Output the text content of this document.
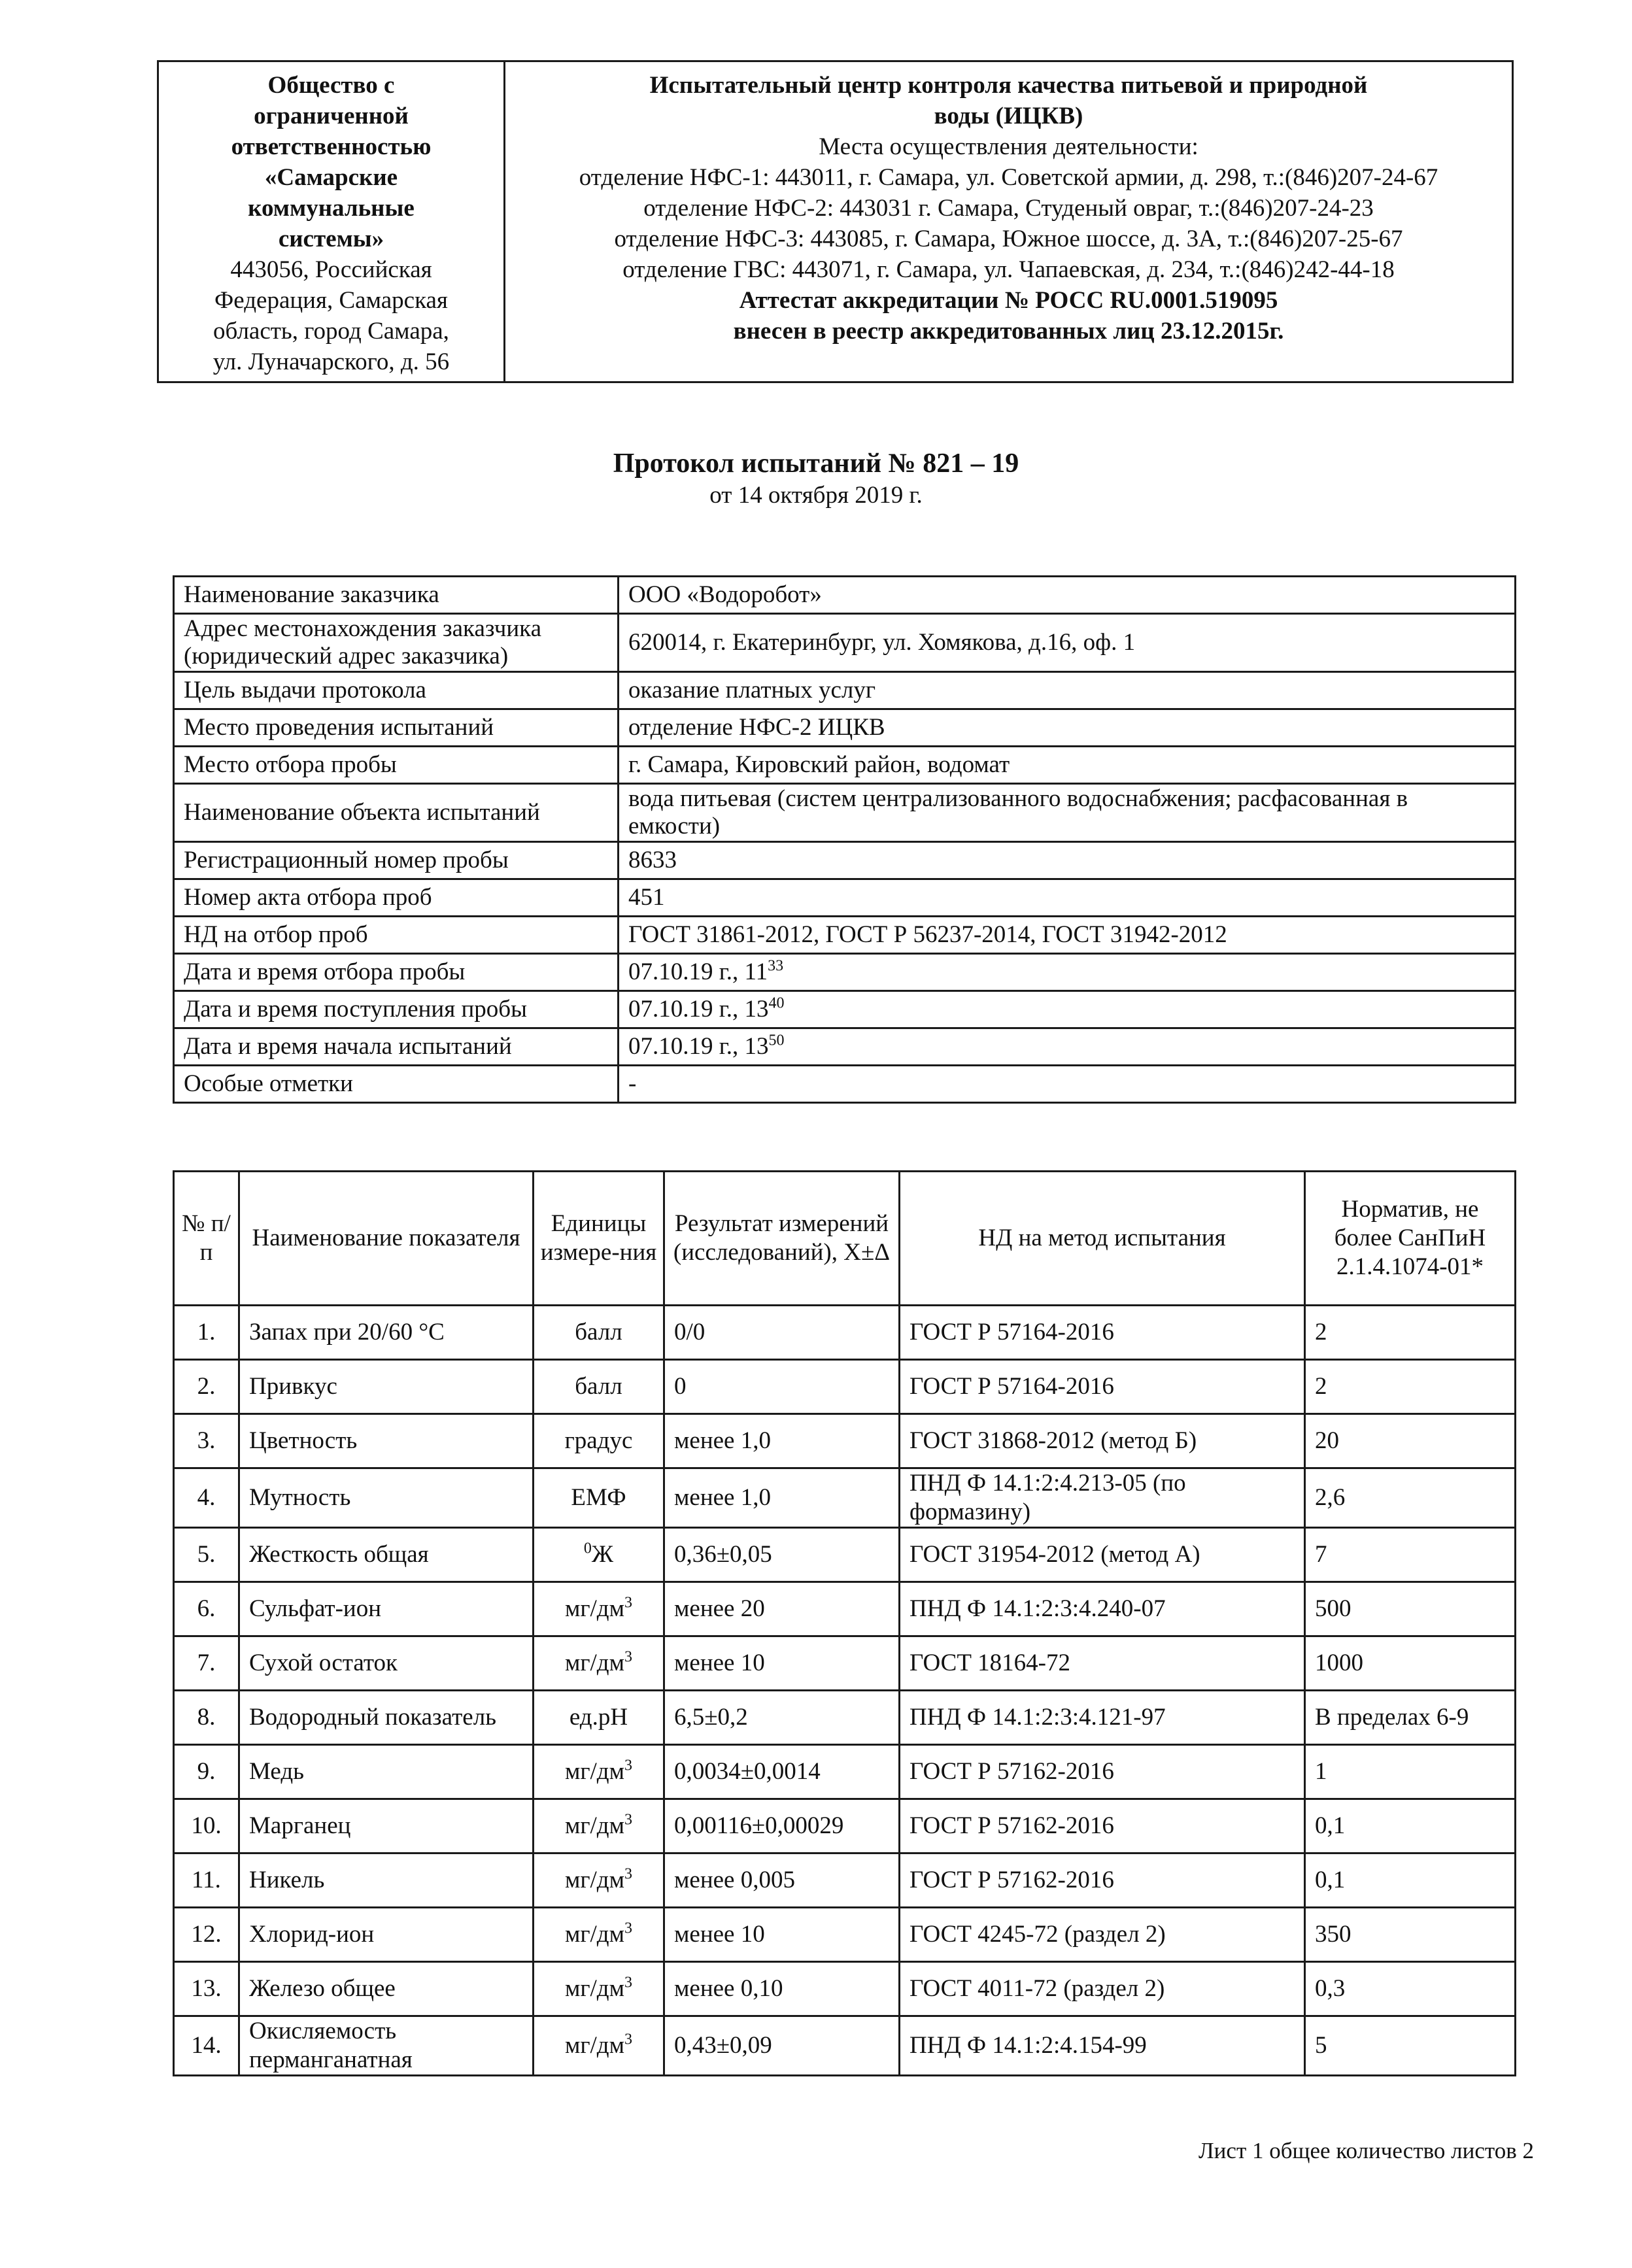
Общество с
ограниченной
ответственностью
«Самарские
коммунальные
системы»
443056, Российская
Федерация, Самарская
область, город Самара,
ул. Луначарского, д. 56

Испытательный центр контроля качества питьевой и природной
воды (ИЦКВ)
Места осуществления деятельности:
отделение НФС-1: 443011, г. Самара, ул. Советской армии, д. 298, т.:(846)207-24-67
отделение НФС-2: 443031 г. Самара, Студеный овраг, т.:(846)207-24-23
отделение НФС-3: 443085, г. Самара, Южное шоссе, д. 3А, т.:(846)207-25-67
отделение ГВС: 443071, г. Самара, ул. Чапаевская, д. 234, т.:(846)242-44-18
Аттестат аккредитации № РОСС RU.0001.519095
внесен в реестр аккредитованных лиц 23.12.2015г.
Протокол испытаний № 821 – 19
от 14 октября 2019 г.
Наименование заказчика	ООО «Водоробот»
Адрес местонахождения заказчика (юридический адрес заказчика)	620014, г. Екатеринбург, ул. Хомякова, д.16, оф. 1
Цель выдачи протокола	оказание платных услуг
Место проведения испытаний	отделение НФС-2 ИЦКВ
Место отбора пробы	г. Самара, Кировский район, водомат
Наименование объекта испытаний	вода питьевая (систем централизованного водоснабжения; расфасованная в емкости)
Регистрационный номер пробы	8633
Номер акта отбора проб	451
НД на отбор проб	ГОСТ 31861-2012, ГОСТ Р 56237-2014, ГОСТ 31942-2012
Дата и время отбора пробы	07.10.19 г., $11^{33}$
Дата и время поступления пробы	07.10.19 г., $13^{40}$
Дата и время начала испытаний	07.10.19 г., $13^{50}$
Особые отметки	-
№ п/п	Наименование показателя	Единицы измере-ния	Результат измерений (исследований), Х±Δ	НД на метод испытания	Норматив, не более СанПиН 2.1.4.1074-01*
1.	Запах при 20/60 °С	балл	0/0	ГОСТ Р 57164-2016	2
2.	Привкус	балл	0	ГОСТ Р 57164-2016	2
3.	Цветность	градус	менее 1,0	ГОСТ 31868-2012 (метод Б)	20
4.	Мутность	ЕМФ	менее 1,0	ПНД Ф 14.1:2:4.213-05 (по формазину)	2,6
5.	Жесткость общая	$^0$Ж	0,36±0,05	ГОСТ 31954-2012 (метод А)	7
6.	Сульфат-ион	$мг/дм^3$	менее 20	ПНД Ф 14.1:2:3:4.240-07	500
7.	Сухой остаток	$мг/дм^3$	менее 10	ГОСТ 18164-72	1000
8.	Водородный показатель	ед.рН	6,5±0,2	ПНД Ф 14.1:2:3:4.121-97	В пределах 6-9
9.	Медь	$мг/дм^3$	0,0034±0,0014	ГОСТ Р 57162-2016	1
10.	Марганец	$мг/дм^3$	0,00116±0,00029	ГОСТ Р 57162-2016	0,1
11.	Никель	$мг/дм^3$	менее 0,005	ГОСТ Р 57162-2016	0,1
12.	Хлорид-ион	$мг/дм^3$	менее 10	ГОСТ 4245-72 (раздел 2)	350
13.	Железо общее	$мг/дм^3$	менее 0,10	ГОСТ 4011-72 (раздел 2)	0,3
14.	Окисляемость перманганатная	$мг/дм^3$	0,43±0,09	ПНД Ф 14.1:2:4.154-99	5
Лист 1 общее количество листов 2
